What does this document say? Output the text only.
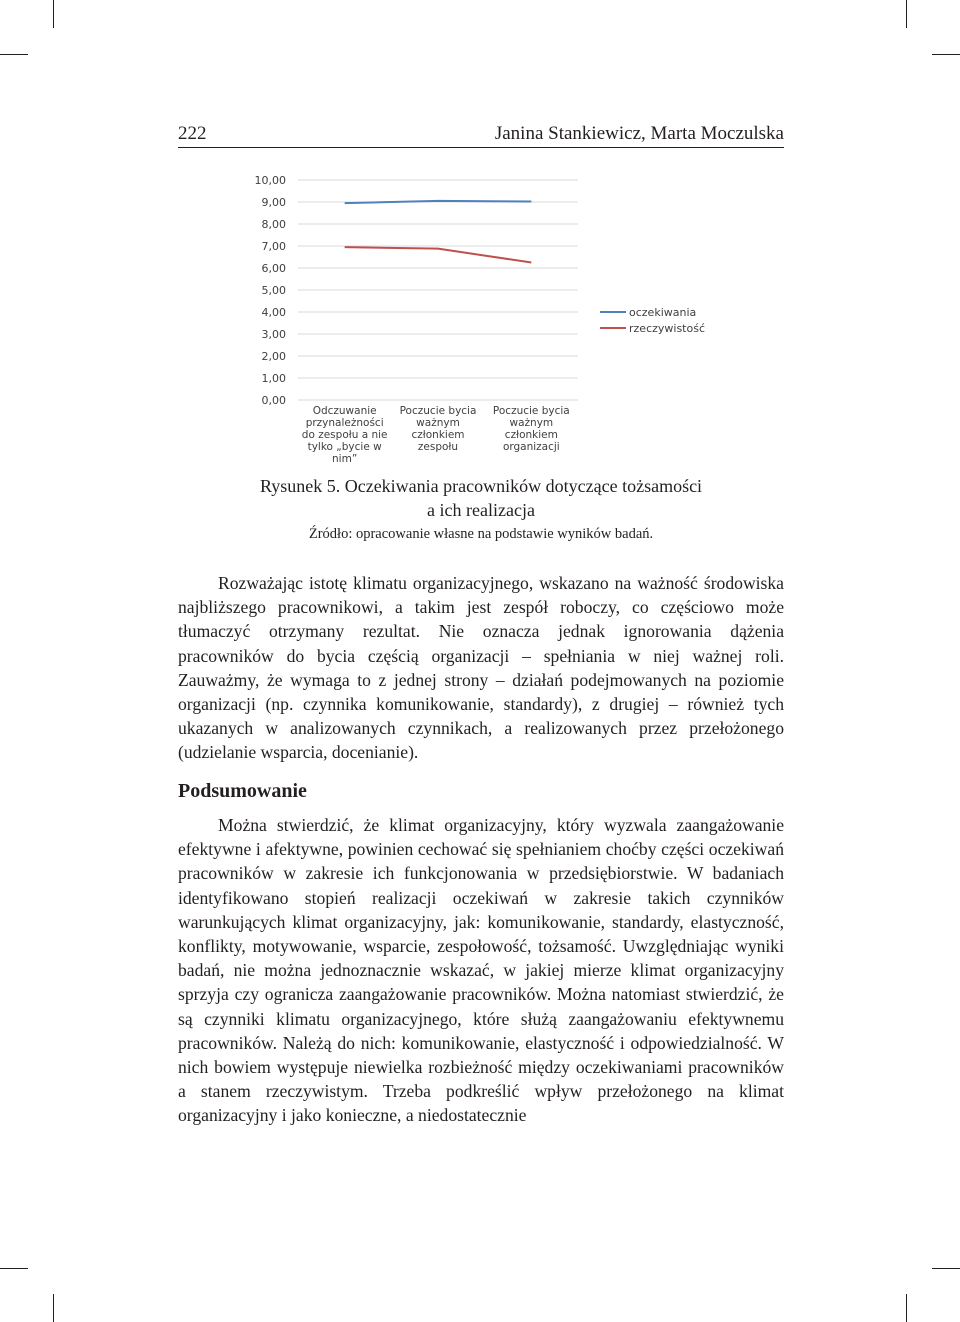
222	Janina Stankiewicz, Marta Moczulska
0,00
1,00
2,00
3,00
4,00
5,00
6,00
7,00
8,00
9,00
10,00
Odczuwanie
przynależności
do zespołu a nie
tylko „bycie w
nim”
Poczucie bycia
ważnym
członkiem
zespołu
Poczucie bycia
ważnym
członkiem
organizacji
oczekiwania
rzeczywistość
Rysunek 5. Oczekiwania pracowników dotyczące tożsamości
a ich realizacja
Źródło: opracowanie własne na podstawie wyników badań.

Rozważając istotę klimatu organizacyjnego, wskazano na ważność środowiska najbliższego pracownikowi, a takim jest zespół roboczy, co częściowo może tłumaczyć otrzymany rezultat. Nie oznacza jednak ignorowania dążenia pracowników do bycia częścią organizacji – spełniania w niej ważnej roli. Zauważmy, że wymaga to z jednej strony – działań podejmowanych na poziomie organizacji (np. czynnika komunikowanie, standardy), z drugiej – również tych ukazanych w analizowanych czynnikach, a realizowanych przez przełożonego (udzielanie wsparcia, docenianie).

Podsumowanie

Można stwierdzić, że klimat organizacyjny, który wyzwala zaangażowanie efektywne i afektywne, powinien cechować się spełnianiem choćby części oczekiwań pracowników w zakresie ich funkcjonowania w przedsiębiorstwie. W badaniach identyfikowano stopień realizacji oczekiwań w zakresie takich czynników warunkujących klimat organizacyjny, jak: komunikowanie, standardy, elastyczność, konflikty, motywowanie, wsparcie, zespołowość, tożsamość. Uwzględniając wyniki badań, nie można jednoznacznie wskazać, w jakiej mierze klimat organizacyjny sprzyja czy ogranicza zaangażowanie pracowników. Można natomiast stwierdzić, że są czynniki klimatu organizacyjnego, które służą zaangażowaniu efektywnemu pracowników. Należą do nich: komunikowanie, elastyczność i odpowiedzialność. W nich bowiem występuje niewielka rozbieżność między oczekiwaniami pracowników a stanem rzeczywistym. Trzeba podkreślić wpływ przełożonego na klimat organizacyjny i jako konieczne, a niedostatecznie
